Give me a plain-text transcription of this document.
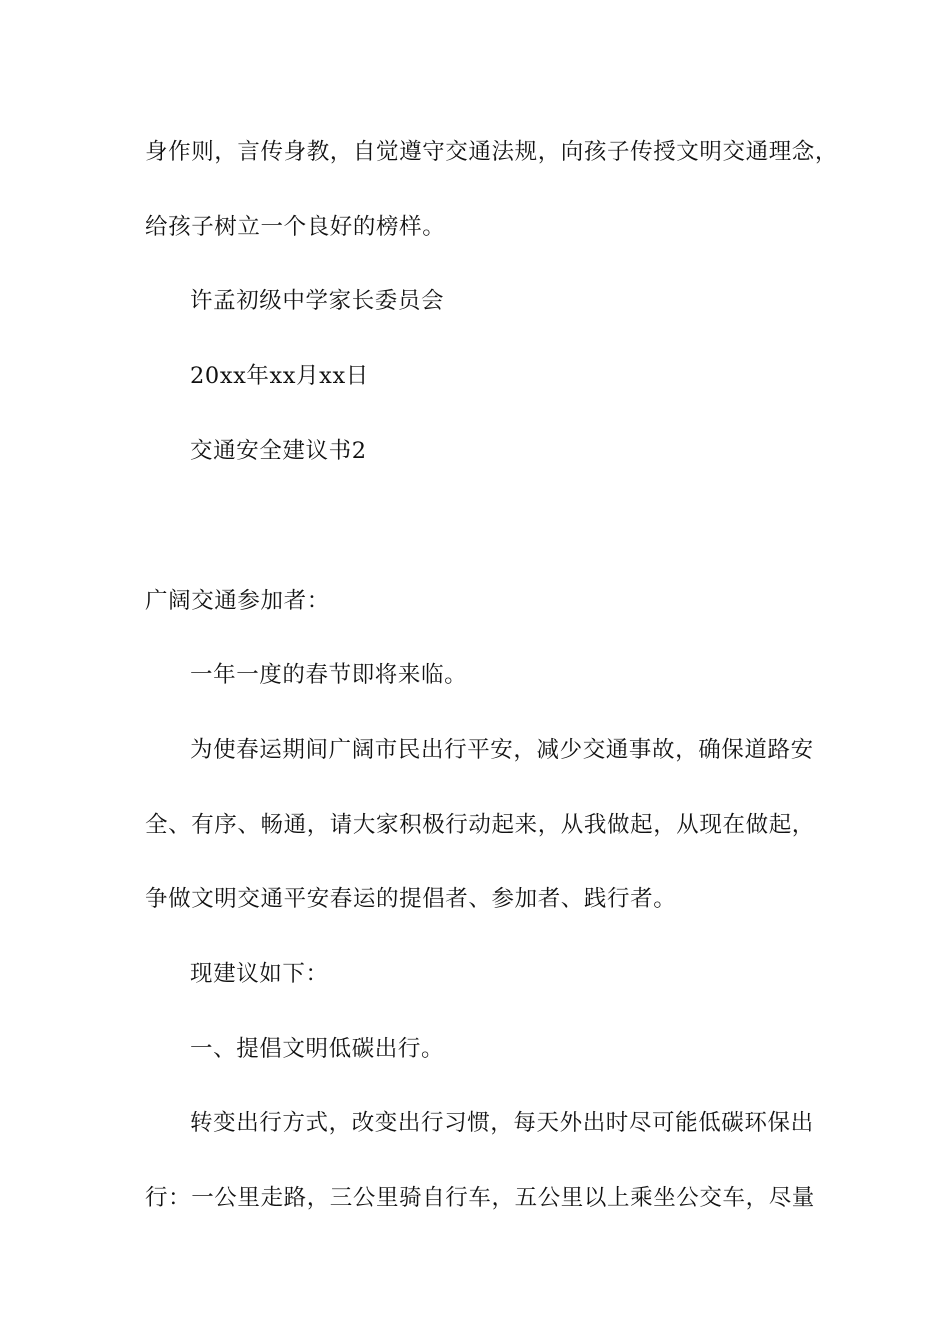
身作则，言传身教，自觉遵守交通法规，向孩子传授文明交通理念，
给孩子树立一个良好的榜样。
许孟初级中学家长委员会
20xx年xx月xx日
交通安全建议书2
广阔交通参加者：
一年一度的春节即将来临。
为使春运期间广阔市民出行平安，减少交通事故，确保道路安
全、有序、畅通，请大家积极行动起来，从我做起，从现在做起，
争做文明交通平安春运的提倡者、参加者、践行者。
现建议如下：
一、提倡文明低碳出行。
转变出行方式，改变出行习惯，每天外出时尽可能低碳环保出
行：一公里走路，三公里骑自行车，五公里以上乘坐公交车，尽量
